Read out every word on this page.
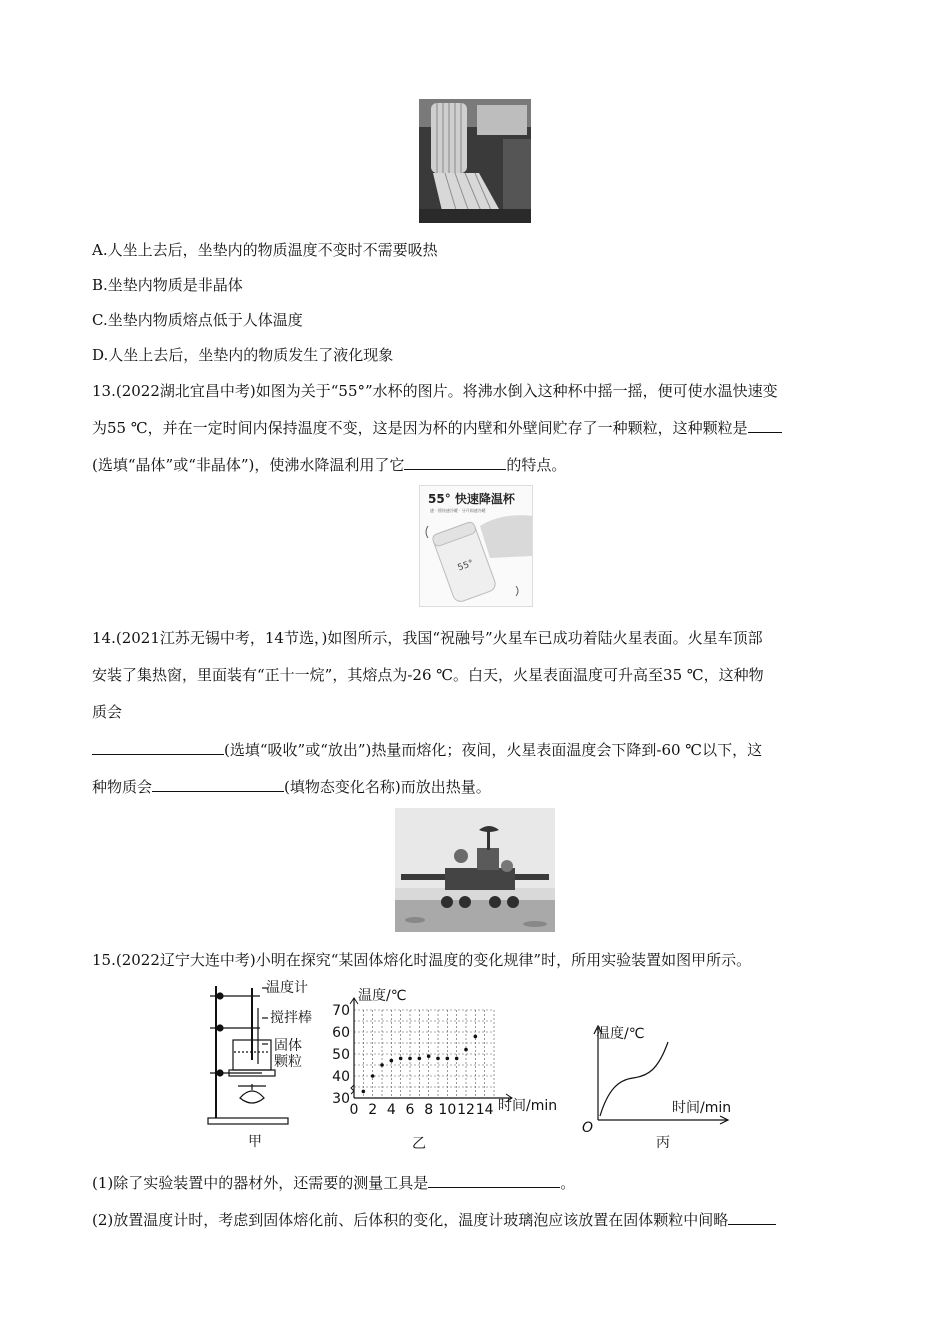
A.人坐上去后，坐垫内的物质温度不变时不需要吸热
B.坐垫内物质是非晶体
C.坐垫内物质熔点低于人体温度
D.人坐上去后，坐垫内的物质发生了液化现象
13.(2022湖北宜昌中考)如图为关于“55°”水杯的图片。将沸水倒入这种杯中摇一摇，便可使水温快速变
为55 ℃，并在一定时间内保持温度不变，这是因为杯的内壁和外壁间贮存了一种颗粒，这种颗粒是
(选填“晶体”或“非晶体”)，使沸水降温利用了它	的特点。
55° 快速降温杯
速 · 摇快速冷暖 · 分开即速冷暖
55°
14.(2021江苏无锡中考，14节选，)如图所示，我国“祝融号”火星车已成功着陆火星表面。火星车顶部
安装了集热窗，里面装有“正十一烷”，其熔点为-26 ℃。白天，火星表面温度可升高至35 ℃，这种物
质会
(选填“吸收”或“放出”)热量而熔化；夜间，火星表面温度会下降到-60 ℃以下，这
种物质会	(填物态变化名称)而放出热量。
15.(2022辽宁大连中考)小明在探究“某固体熔化时温度的变化规律”时，所用实验装置如图甲所示。
温度计
搅拌棒
固体
颗粒
甲
温度/℃
时间/min
乙
0 2 4 6 8 10 12 14
30
40
50
60
70
温度/℃
时间/min
O
丙
(1)除了实验装置中的器材外，还需要的测量工具是	。
(2)放置温度计时，考虑到固体熔化前、后体积的变化，温度计玻璃泡应该放置在固体颗粒中间略
